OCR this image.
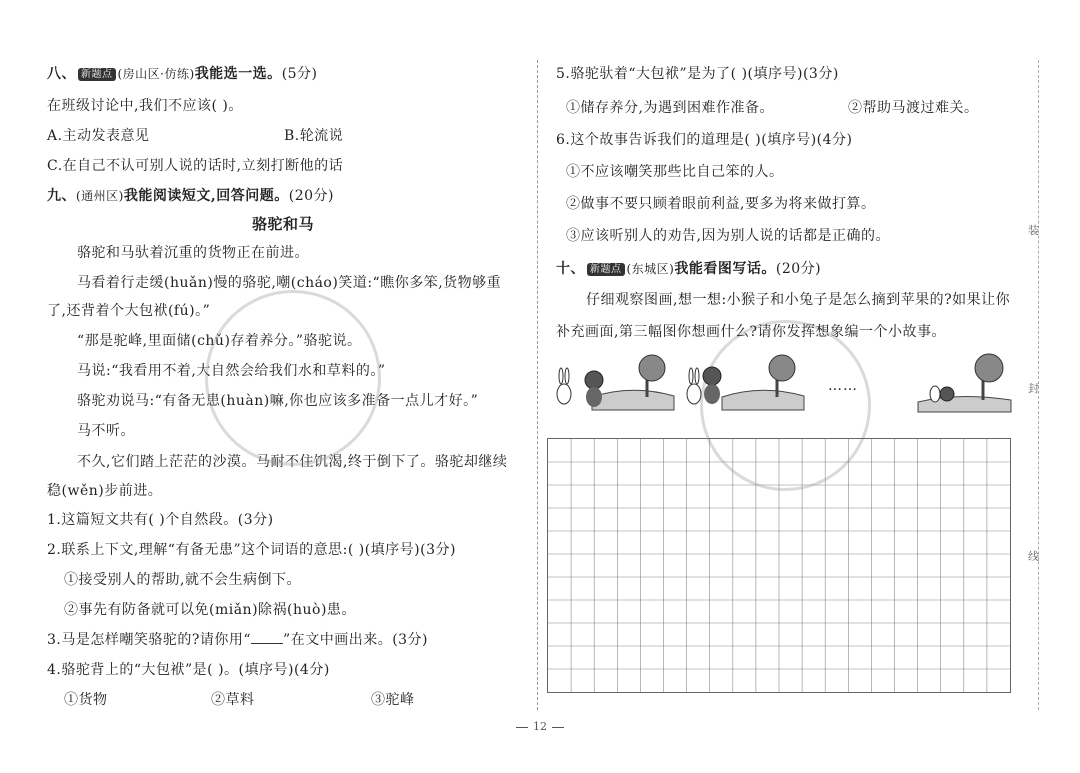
八、 新题点 (房山区·仿练)我能选一选。(5分)
在班级讨论中,我们不应该( )。
A.主动发表意见	B.轮流说
C.在自己不认可别人说的话时,立刻打断他的话
九、(通州区)我能阅读短文,回答问题。(20分)
骆驼和马
骆驼和马驮着沉重的货物正在前进。
马看着行走缓(huǎn)慢的骆驼,嘲(cháo)笑道:“瞧你多笨,货物够重
了,还背着个大包袱(fú)。”
“那是驼峰,里面储(chǔ)存着养分。”骆驼说。
马说:“我看用不着,大自然会给我们水和草料的。”
骆驼劝说马:“有备无患(huàn)嘛,你也应该多准备一点儿才好。”
马不听。
不久,它们踏上茫茫的沙漠。马耐不住饥渴,终于倒下了。骆驼却继续
稳(wěn)步前进。
1.这篇短文共有( )个自然段。(3分)
2.联系上下文,理解“有备无患”这个词语的意思:( )(填序号)(3分)
①接受别人的帮助,就不会生病倒下。
②事先有防备就可以免(miǎn)除祸(huò)患。
3.马是怎样嘲笑骆驼的?请你用“ ”在文中画出来。(3分)
4.骆驼背上的“大包袱”是( )。(填序号)(4分)
①货物	②草料	③驼峰
5.骆驼驮着“大包袱”是为了( )(填序号)(3分)
①储存养分,为遇到困难作准备。	②帮助马渡过难关。
6.这个故事告诉我们的道理是( )(填序号)(4分)
①不应该嘲笑那些比自己笨的人。
②做事不要只顾着眼前利益,要多为将来做打算。
③应该听别人的劝告,因为别人说的话都是正确的。
十、 新题点 (东城区)我能看图写话。(20分)
仔细观察图画,想一想:小猴子和小兔子是怎么摘到苹果的?如果让你
补充画面,第三幅图你想画什么?请你发挥想象编一个小故事。
……
装
封
线
12
